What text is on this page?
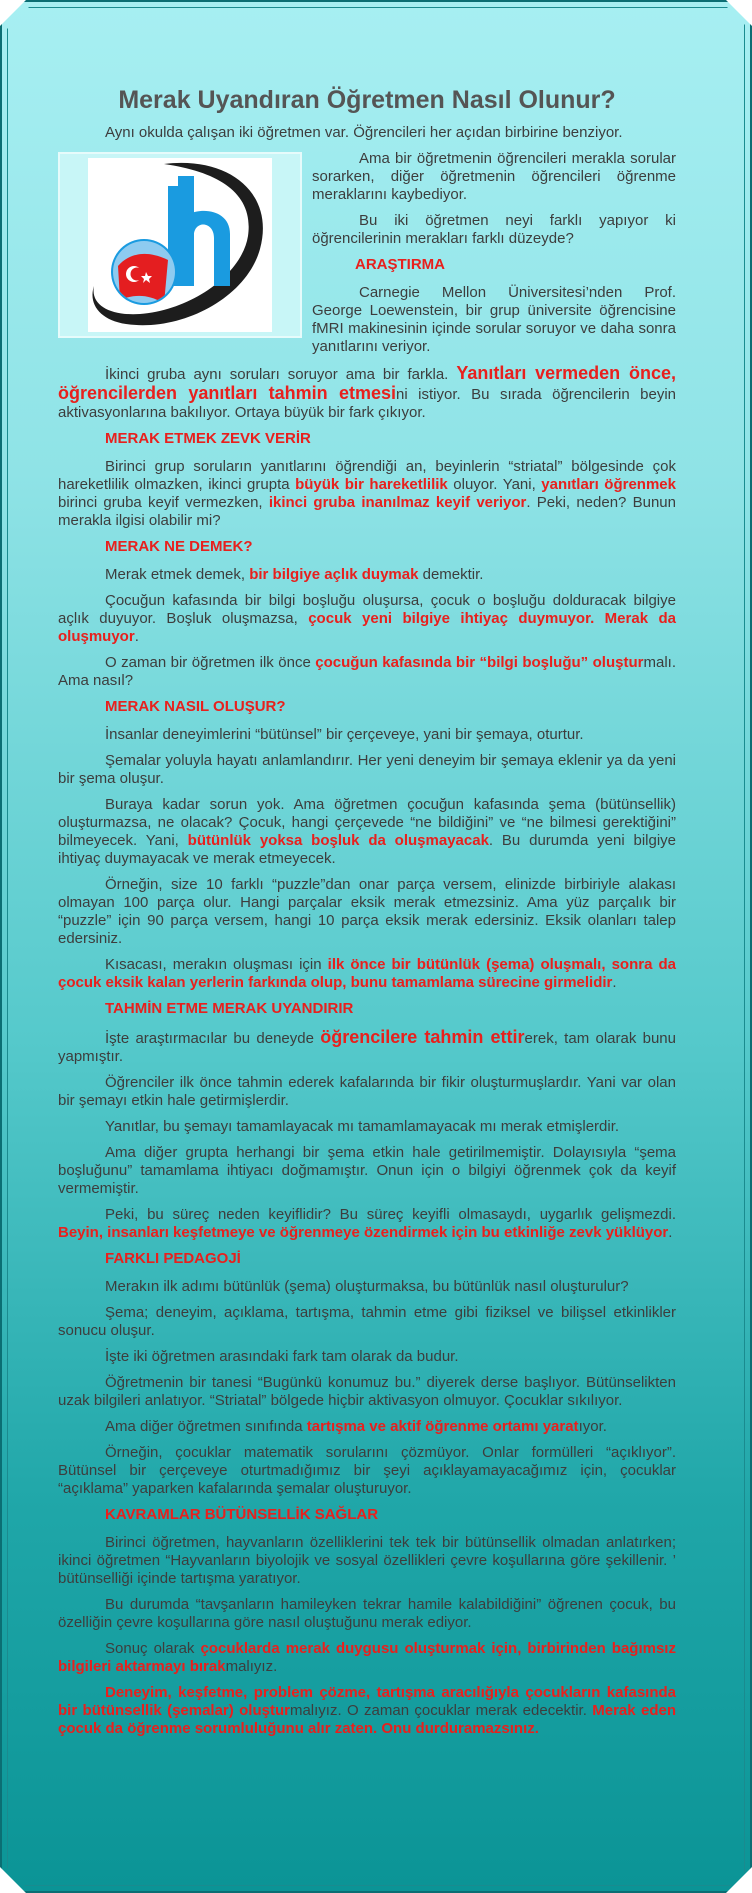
Merak Uyandıran Öğretmen Nasıl Olunur?

Aynı okulda çalışan iki öğretmen var. Öğrencileri her açıdan birbirine benziyor.

Ama bir öğretmenin öğrencileri merakla sorular sorarken, diğer öğretmenin öğrencileri öğrenme meraklarını kaybediyor.

Bu iki öğretmen neyi farklı yapıyor ki öğrencilerinin merakları farklı düzeyde?

ARAŞTIRMA

Carnegie Mellon Üniversitesi’nden Prof. George Loewenstein, bir grup üniversite öğrencisine fMRI makinesinin içinde sorular soruyor ve daha sonra yanıtlarını veriyor.

İkinci gruba aynı soruları soruyor ama bir farkla. Yanıtları vermeden önce, öğrencilerden yanıtları tahmin etmesini istiyor. Bu sırada öğrencilerin beyin aktivasyonlarına bakılıyor. Ortaya büyük bir fark çıkıyor.

MERAK ETMEK ZEVK VERİR

Birinci grup soruların yanıtlarını öğrendiği an, beyinlerin “striatal” bölgesinde çok hareketlilik olmazken, ikinci grupta büyük bir hareketlilik oluyor. Yani, yanıtları öğrenmek birinci gruba keyif vermezken, ikinci gruba inanılmaz keyif veriyor. Peki, neden? Bunun merakla ilgisi olabilir mi?

MERAK NE DEMEK?

Merak etmek demek, bir bilgiye açlık duymak demektir.

Çocuğun kafasında bir bilgi boşluğu oluşursa, çocuk o boşluğu dolduracak bilgiye açlık duyuyor. Boşluk oluşmazsa, çocuk yeni bilgiye ihtiyaç duymuyor. Merak da oluşmuyor.

O zaman bir öğretmen ilk önce çocuğun kafasında bir “bilgi boşluğu” oluşturmalı. Ama nasıl?

MERAK NASIL OLUŞUR?

İnsanlar deneyimlerini “bütünsel” bir çerçeveye, yani bir şemaya, oturtur.

Şemalar yoluyla hayatı anlamlandırır. Her yeni deneyim bir şemaya eklenir ya da yeni bir şema oluşur.

Buraya kadar sorun yok. Ama öğretmen çocuğun kafasında şema (bütünsellik) oluşturmazsa, ne olacak? Çocuk, hangi çerçevede “ne bildiğini” ve “ne bilmesi gerektiğini” bilmeyecek. Yani, bütünlük yoksa boşluk da oluşmayacak. Bu durumda yeni bilgiye ihtiyaç duymayacak ve merak etmeyecek.

Örneğin, size 10 farklı “puzzle”dan onar parça versem, elinizde birbiriyle alakası olmayan 100 parça olur. Hangi parçalar eksik merak etmezsiniz. Ama yüz parçalık bir “puzzle” için 90 parça versem, hangi 10 parça eksik merak edersiniz. Eksik olanları talep edersiniz.

Kısacası, merakın oluşması için ilk önce bir bütünlük (şema) oluşmalı, sonra da çocuk eksik kalan yerlerin farkında olup, bunu tamamlama sürecine girmelidir.

TAHMİN ETME MERAK UYANDIRIR

İşte araştırmacılar bu deneyde öğrencilere tahmin ettirerek, tam olarak bunu yapmıştır.

Öğrenciler ilk önce tahmin ederek kafalarında bir fikir oluşturmuşlardır. Yani var olan bir şemayı etkin hale getirmişlerdir.

Yanıtlar, bu şemayı tamamlayacak mı tamamlamayacak mı merak etmişlerdir.

Ama diğer grupta herhangi bir şema etkin hale getirilmemiştir. Dolayısıyla “şema boşluğunu” tamamlama ihtiyacı doğmamıştır. Onun için o bilgiyi öğrenmek çok da keyif vermemiştir.

Peki, bu süreç neden keyiflidir? Bu süreç keyifli olmasaydı, uygarlık gelişmezdi. Beyin, insanları keşfetmeye ve öğrenmeye özendirmek için bu etkinliğe zevk yüklüyor.

FARKLI PEDAGOJİ

Merakın ilk adımı bütünlük (şema) oluşturmaksa, bu bütünlük nasıl oluşturulur?

Şema; deneyim, açıklama, tartışma, tahmin etme gibi fiziksel ve bilişsel etkinlikler sonucu oluşur.

İşte iki öğretmen arasındaki fark tam olarak da budur.

Öğretmenin bir tanesi “Bugünkü konumuz bu.” diyerek derse başlıyor. Bütünselikten uzak bilgileri anlatıyor. “Striatal” bölgede hiçbir aktivasyon olmuyor. Çocuklar sıkılıyor.

Ama diğer öğretmen sınıfında tartışma ve aktif öğrenme ortamı yaratıyor.

Örneğin, çocuklar matematik sorularını çözmüyor. Onlar formülleri “açıklıyor”. Bütünsel bir çerçeveye oturtmadığımız bir şeyi açıklayamayacağımız için, çocuklar “açıklama” yaparken kafalarında şemalar oluşturuyor.

KAVRAMLAR BÜTÜNSELLİK SAĞLAR

Birinci öğretmen, hayvanların özelliklerini tek tek bir bütünsellik olmadan anlatırken; ikinci öğretmen “Hayvanların biyolojik ve sosyal özellikleri çevre koşullarına göre şekillenir. ’ bütünselliği içinde tartışma yaratıyor.

Bu durumda “tavşanların hamileyken tekrar hamile kalabildiğini” öğrenen çocuk, bu özelliğin çevre koşullarına göre nasıl oluştuğunu merak ediyor.

Sonuç olarak çocuklarda merak duygusu oluşturmak için, birbirinden bağımsız bilgileri aktarmayı bırakmalıyız.

Deneyim, keşfetme, problem çözme, tartışma aracılığıyla çocukların kafasında bir bütünsellik (şemalar) oluşturmalıyız. O zaman çocuklar merak edecektir. Merak eden çocuk da öğrenme sorumluluğunu alır zaten. Onu durduramazsınız.
